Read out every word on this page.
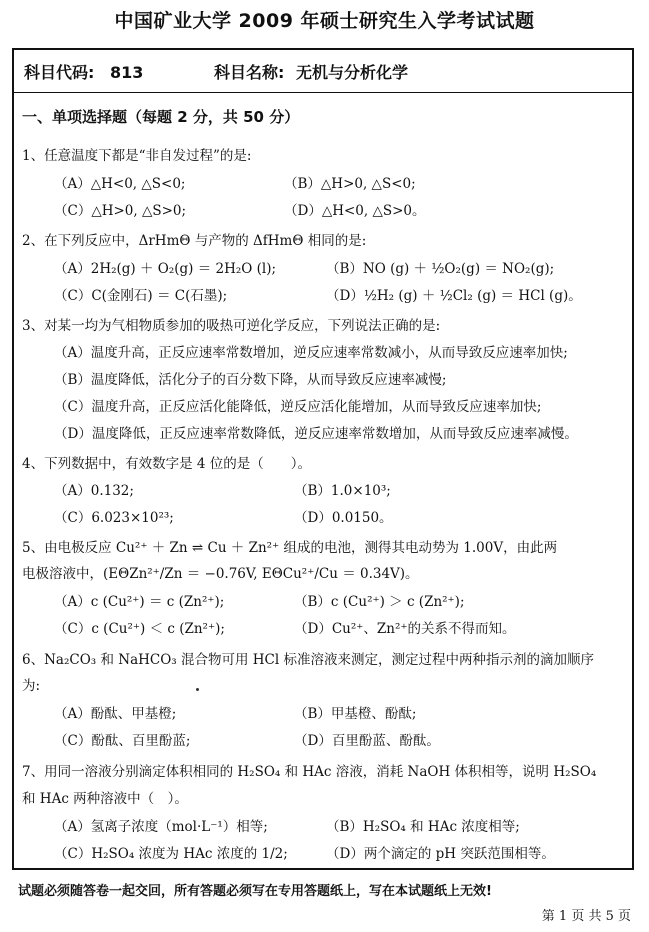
中国矿业大学 2009 年硕士研究生入学考试试题
科目代码: 813	科目名称: 无机与分析化学
一、单项选择题（每题 2 分，共 50 分）
1、任意温度下都是“非自发过程”的是:
（A）△H<0, △S<0;	（B）△H>0, △S<0;
（C）△H>0, △S>0;	（D）△H<0, △S>0。
2、在下列反应中，ΔrHmΘ 与产物的 ΔfHmΘ 相同的是:
（A）2H₂(g) ＋ O₂(g) ＝ 2H₂O (l);	（B）NO (g) ＋ ½O₂(g) ＝ NO₂(g);
（C）C(金刚石) ＝ C(石墨);	（D）½H₂ (g) ＋ ½Cl₂ (g) ＝ HCl (g)。
3、对某一均为气相物质参加的吸热可逆化学反应，下列说法正确的是:
（A）温度升高，正反应速率常数增加，逆反应速率常数减小，从而导致反应速率加快;
（B）温度降低，活化分子的百分数下降，从而导致反应速率减慢;
（C）温度升高，正反应活化能降低，逆反应活化能增加，从而导致反应速率加快;
（D）温度降低，正反应速率常数降低，逆反应速率常数增加，从而导致反应速率减慢。
4、下列数据中，有效数字是 4 位的是（　　）。
（A）0.132;	（B）1.0×10³;
（C）6.023×10²³;	（D）0.0150。
5、由电极反应 Cu²⁺ ＋ Zn ⇌ Cu ＋ Zn²⁺ 组成的电池，测得其电动势为 1.00V，由此两
电极溶液中，(EΘZn²⁺/Zn ＝ −0.76V, EΘCu²⁺/Cu ＝ 0.34V)。
（A）c (Cu²⁺) ＝ c (Zn²⁺);	（B）c (Cu²⁺) ＞ c (Zn²⁺);
（C）c (Cu²⁺) ＜ c (Zn²⁺);	（D）Cu²⁺、Zn²⁺的关系不得而知。
6、Na₂CO₃ 和 NaHCO₃ 混合物可用 HCl 标准溶液来测定，测定过程中两种指示剂的滴加顺序
为:
（A）酚酞、甲基橙;	（B）甲基橙、酚酞;
（C）酚酞、百里酚蓝;	（D）百里酚蓝、酚酞。
7、用同一溶液分别滴定体积相同的 H₂SO₄ 和 HAc 溶液，消耗 NaOH 体积相等，说明 H₂SO₄
和 HAc 两种溶液中（　）。
（A）氢离子浓度（mol·L⁻¹）相等;	（B）H₂SO₄ 和 HAc 浓度相等;
（C）H₂SO₄ 浓度为 HAc 浓度的 1/2;	（D）两个滴定的 pH 突跃范围相等。
试题必须随答卷一起交回，所有答题必须写在专用答题纸上，写在本试题纸上无效!
第 1 页 共 5 页
